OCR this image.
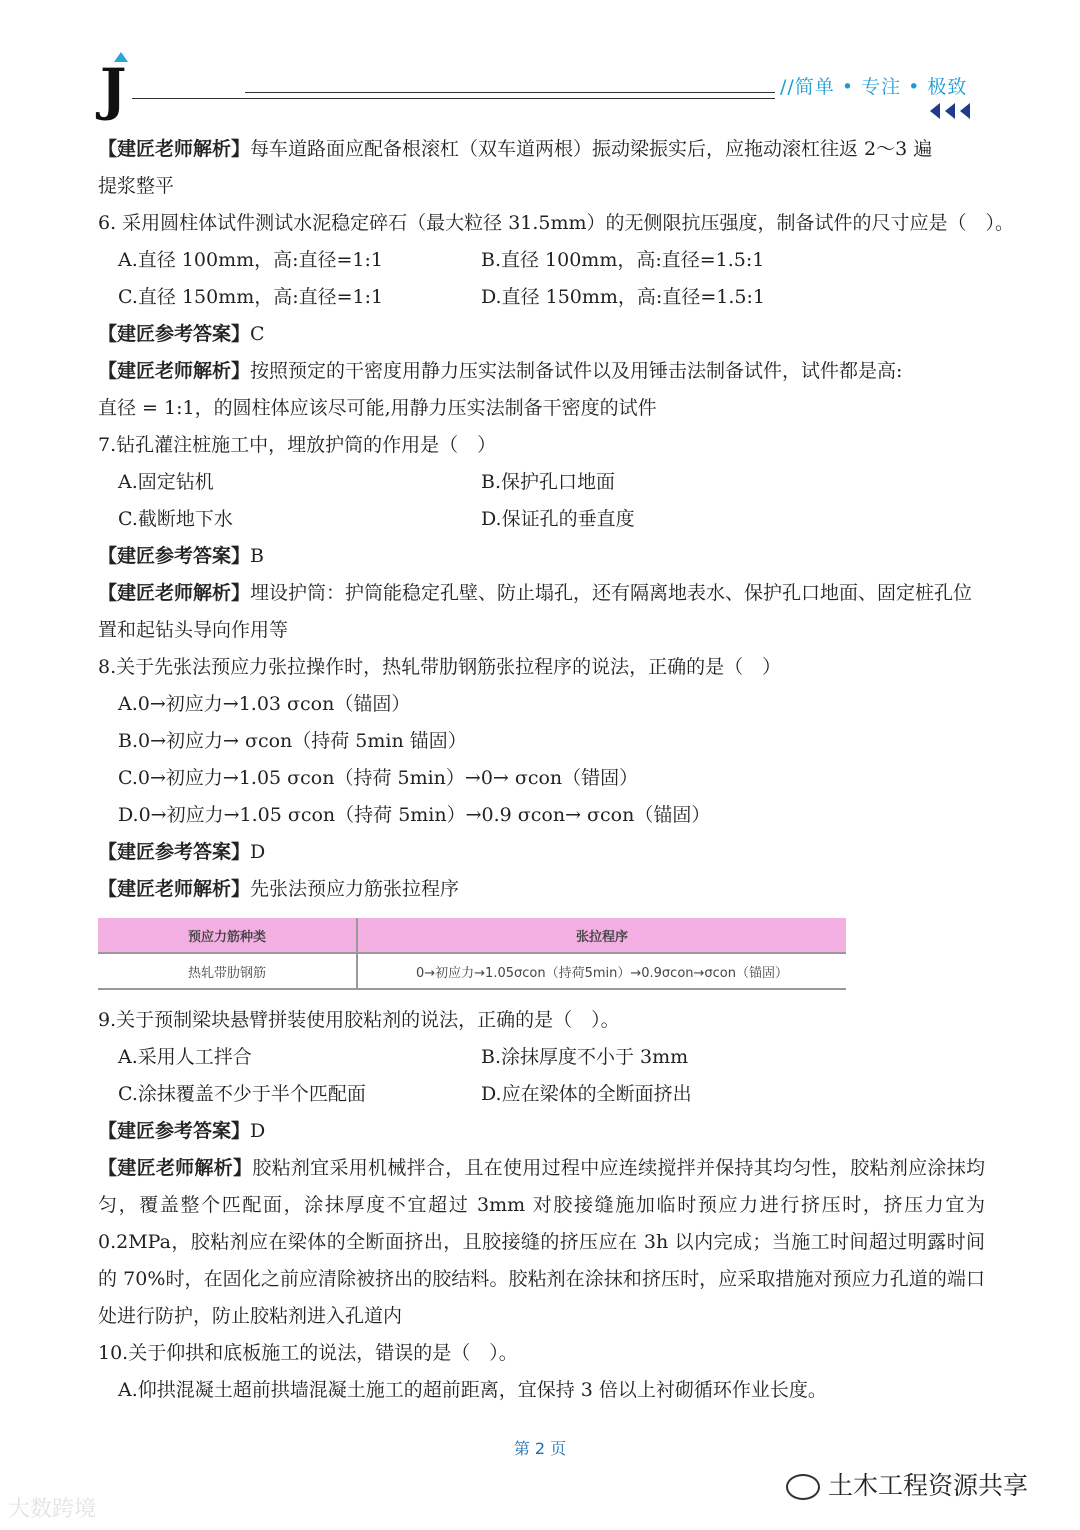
J	//简单 • 专注 • 极致
【建匠老师解析】每车道路面应配备根滚杠（双车道两根）振动梁振实后，应拖动滚杠往返 2～3 遍
提浆整平
6. 采用圆柱体试件测试水泥稳定碎石（最大粒径 31.5mm）的无侧限抗压强度，制备试件的尺寸应是（　）。
A.直径 100mm，高:直径=1:1	B.直径 100mm，高:直径=1.5:1
C.直径 150mm，高:直径=1:1	D.直径 150mm，高:直径=1.5:1
【建匠参考答案】C
【建匠老师解析】按照预定的干密度用静力压实法制备试件以及用锤击法制备试件，试件都是高:
直径 = 1:1，的圆柱体应该尽可能,用静力压实法制备干密度的试件
7.钻孔灌注桩施工中，埋放护筒的作用是（　）
A.固定钻机	B.保护孔口地面
C.截断地下水	D.保证孔的垂直度
【建匠参考答案】B
【建匠老师解析】埋设护筒：护筒能稳定孔壁、防止塌孔，还有隔离地表水、保护孔口地面、固定桩孔位
置和起钻头导向作用等
8.关于先张法预应力张拉操作时，热轧带肋钢筋张拉程序的说法，正确的是（　）
A.0→初应力→1.03 σcon（锚固）
B.0→初应力→ σcon（持荷 5min 锚固）
C.0→初应力→1.05 σcon（持荷 5min）→0→ σcon（错固）
D.0→初应力→1.05 σcon（持荷 5min）→0.9 σcon→ σcon（锚固）
【建匠参考答案】D
【建匠老师解析】先张法预应力筋张拉程序
预应力筋种类	张拉程序
热轧带肋钢筋	0→初应力→1.05σcon（持荷5min）→0.9σcon→σcon（锚固）
9.关于预制梁块悬臂拼装使用胶粘剂的说法，正确的是（　）。
A.采用人工拌合	B.涂抹厚度不小于 3mm
C.涂抹覆盖不少于半个匹配面	D.应在梁体的全断面挤出
【建匠参考答案】D
【建匠老师解析】胶粘剂宜采用机械拌合，且在使用过程中应连续搅拌并保持其均匀性，胶粘剂应涂抹均匀，覆盖整个匹配面，涂抹厚度不宜超过 3mm 对胶接缝施加临时预应力进行挤压时，挤压力宜为 0.2MPa，胶粘剂应在梁体的全断面挤出，且胶接缝的挤压应在 3h 以内完成；当施工时间超过明露时间的 70%时，在固化之前应清除被挤出的胶结料。胶粘剂在涂抹和挤压时，应采取措施对预应力孔道的端口处进行防护，防止胶粘剂进入孔道内
10.关于仰拱和底板施工的说法，错误的是（　）。
A.仰拱混凝土超前拱墙混凝土施工的超前距离，宜保持 3 倍以上衬砌循环作业长度。
第 2 页
土木工程资源共享
大数跨境
